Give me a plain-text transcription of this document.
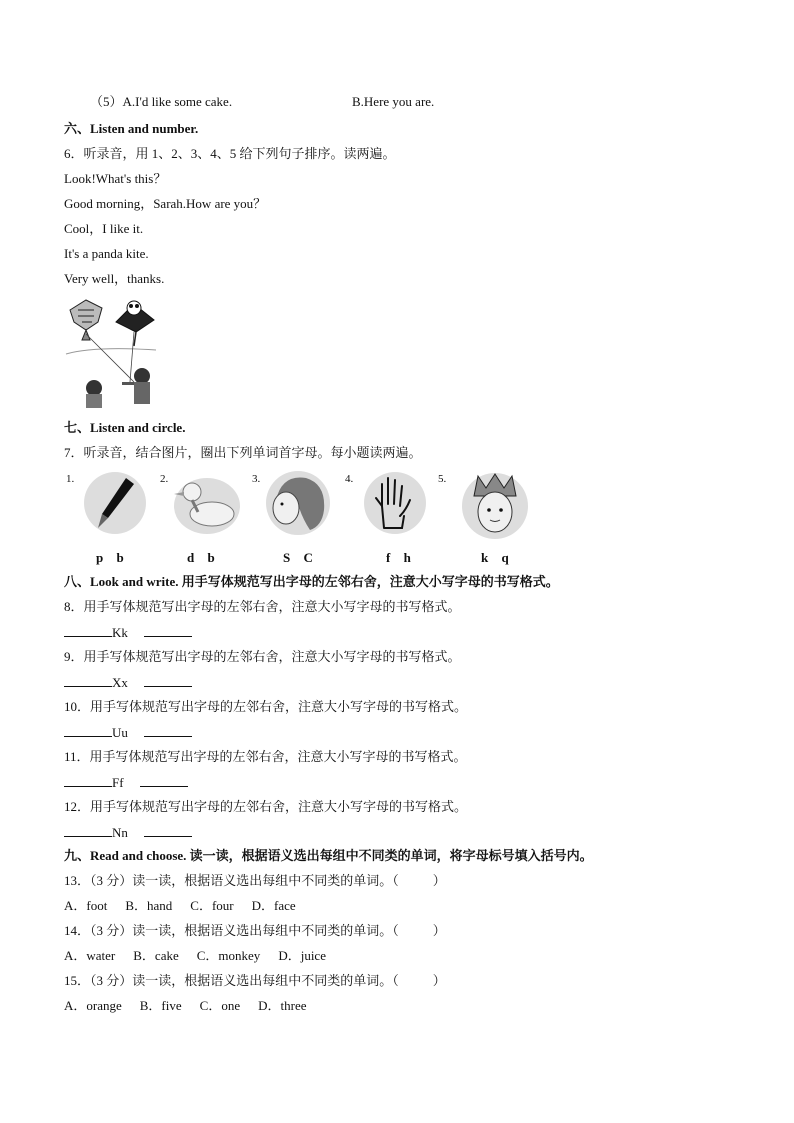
（5）A.I'd like some cake.	B.Here you are.
六、Listen and number.
6．听录音，用 1、2、3、4、5 给下列句子排序。读两遍。
Look!What's this？
Good morning，Sarah.How are you？
Cool，I like it.
It's a panda kite.
Very well，thanks.
七、Listen and circle.
7．听录音，结合图片，圈出下列单词首字母。每小题读两遍。
1.	2.	3.	4.	5.
p b	d b	S C	f h	k q
八、Look and write. 用手写体规范写出字母的左邻右舍，注意大小写字母的书写格式。
8．用手写体规范写出字母的左邻右舍，注意大小写字母的书写格式。
Kk
9．用手写体规范写出字母的左邻右舍，注意大小写字母的书写格式。
Xx
10．用手写体规范写出字母的左邻右舍，注意大小写字母的书写格式。
Uu
11．用手写体规范写出字母的左邻右舍，注意大小写字母的书写格式。
Ff
12．用手写体规范写出字母的左邻右舍，注意大小写字母的书写格式。
Nn
九、Read and choose. 读一读，根据语义选出每组中不同类的单词，将字母标号填入括号内。
13．（3 分）读一读，根据语义选出每组中不同类的单词。（	）
A．foot B．hand C．four D．face
14．（3 分）读一读，根据语义选出每组中不同类的单词。（	）
A．water B．cake C．monkey D．juice
15．（3 分）读一读，根据语义选出每组中不同类的单词。（	）
A．orange B．five C．one D．three
